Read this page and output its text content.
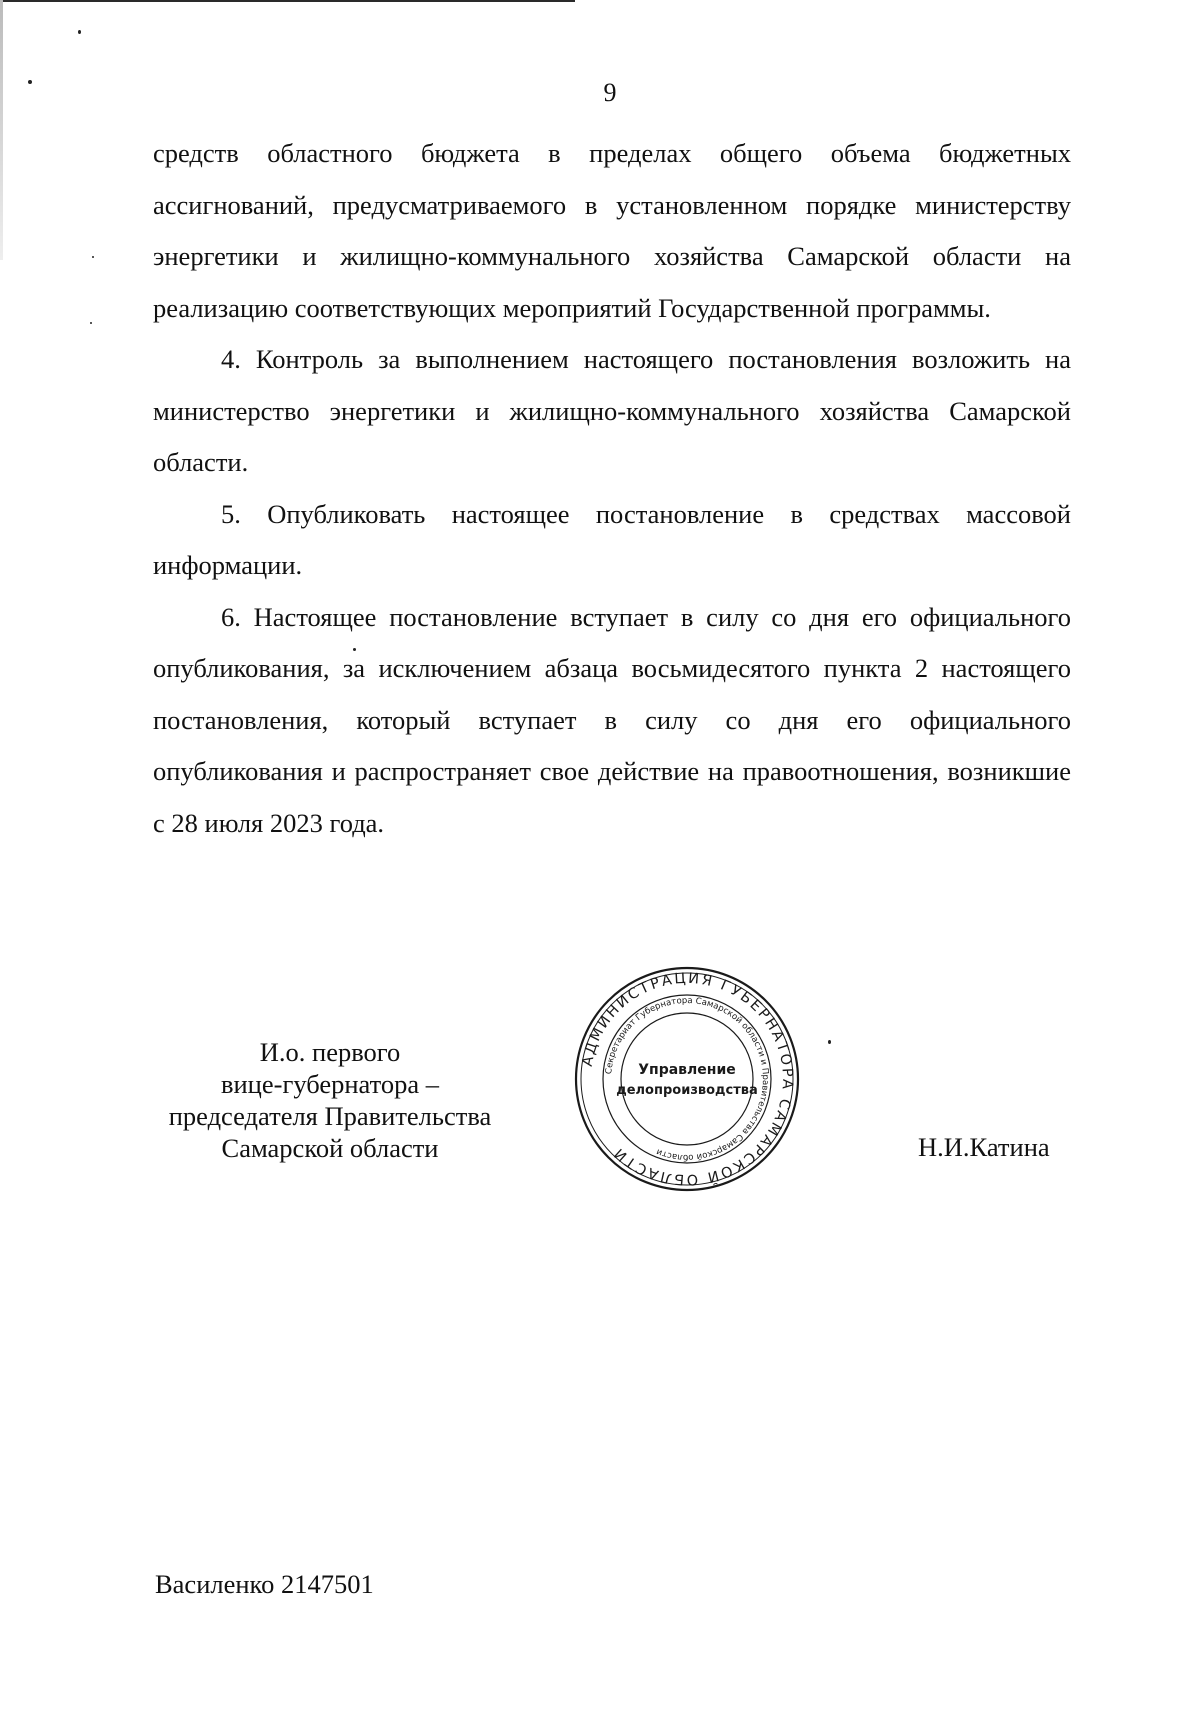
9

средств областного бюджета в пределах общего объема бюджетных ассигнований, предусматриваемого в установленном порядке министерству энергетики и жилищно-коммунального хозяйства Самарской области на реализацию соответствующих мероприятий Государственной программы.

4. Контроль за выполнением настоящего постановления возложить на министерство энергетики и жилищно-коммунального хозяйства Самарской области.

5. Опубликовать настоящее постановление в средствах массовой информации.

6. Настоящее постановление вступает в силу со дня его официального опубликования, за исключением абзаца восьмидесятого пункта 2 настоящего постановления, который вступает в силу со дня его официального опубликования и распространяет свое действие на правоотношения, возникшие с 28 июля 2023 года.

И.о. первого
вице-губернатора –
председателя Правительства
Самарской области
АДМИНИСТРАЦИЯ ГУБЕРНАТОРА САМАРСКОЙ ОБЛАСТИ
Секретариат Губернатора Самарской области и Правительства Самарской области
Управление
делопроизводства
Н.И.Катина
Василенко 2147501
